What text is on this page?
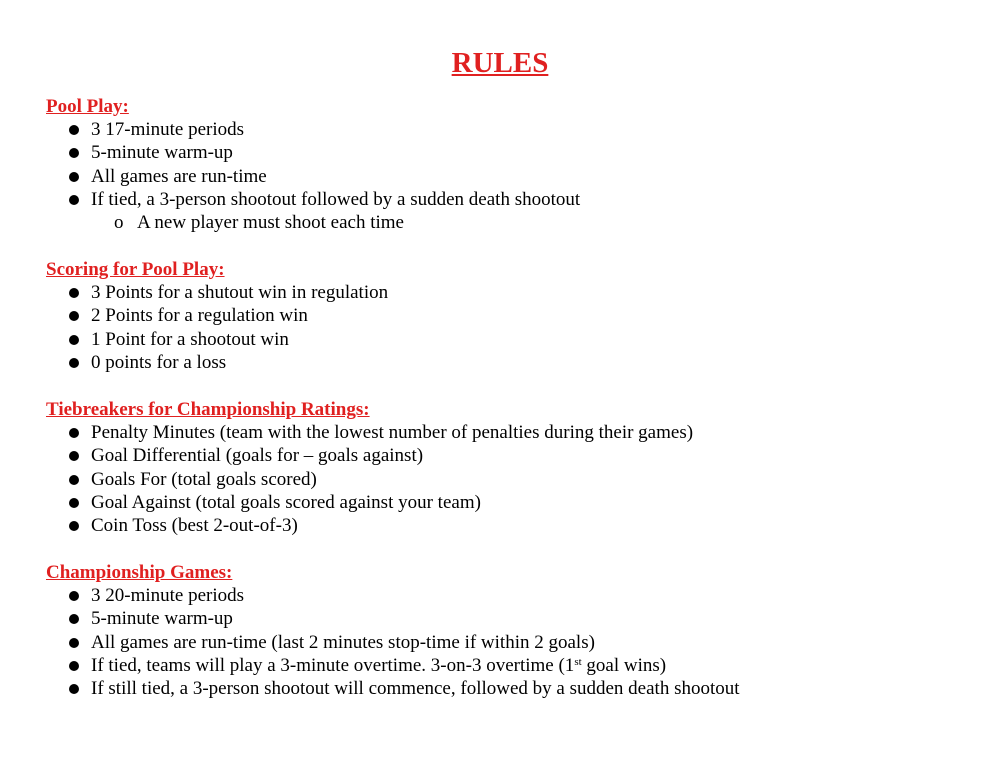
RULES
Pool Play:
3 17-minute periods
5-minute warm-up
All games are run-time
If tied, a 3-person shootout followed by a sudden death shootout
o A new player must shoot each time
Scoring for Pool Play:
3 Points for a shutout win in regulation
2 Points for a regulation win
1 Point for a shootout win
0 points for a loss
Tiebreakers for Championship Ratings:
Penalty Minutes (team with the lowest number of penalties during their games)
Goal Differential (goals for – goals against)
Goals For (total goals scored)
Goal Against (total goals scored against your team)
Coin Toss (best 2-out-of-3)
Championship Games:
3 20-minute periods
5-minute warm-up
All games are run-time (last 2 minutes stop-time if within 2 goals)
If tied, teams will play a 3-minute overtime. 3-on-3 overtime (1st goal wins)
If still tied, a 3-person shootout will commence, followed by a sudden death shootout
